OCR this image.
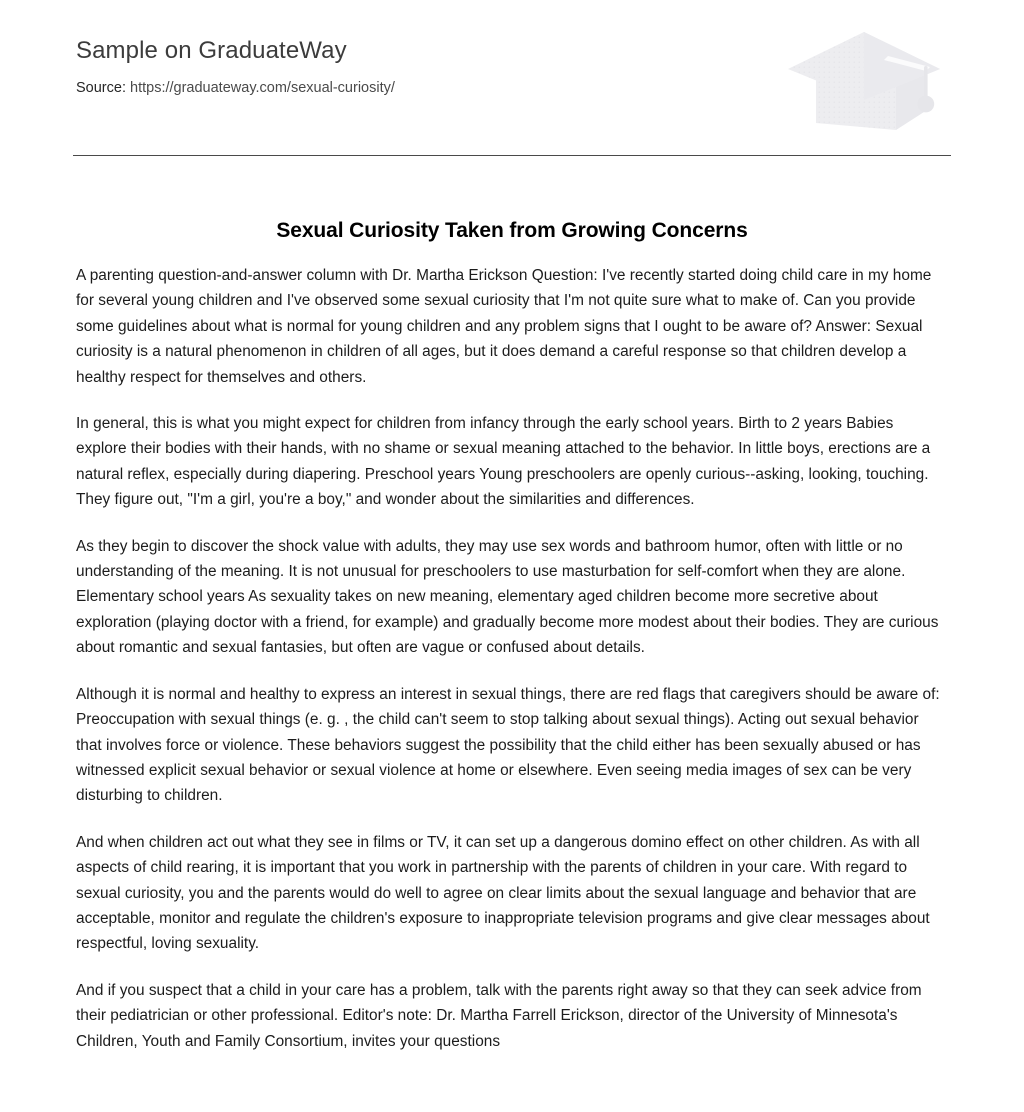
Sample on GraduateWay
Source: https://graduateway.com/sexual-curiosity/
Sexual Curiosity Taken from Growing Concerns

A parenting question-and-answer column with Dr. Martha Erickson Question: I've recently started doing child care in my home for several young children and I've observed some sexual curiosity that I'm not quite sure what to make of. Can you provide some guidelines about what is normal for young children and any problem signs that I ought to be aware of? Answer: Sexual curiosity is a natural phenomenon in children of all ages, but it does demand a careful response so that children develop a healthy respect for themselves and others.

In general, this is what you might expect for children from infancy through the early school years. Birth to 2 years Babies explore their bodies with their hands, with no shame or sexual meaning attached to the behavior. In little boys, erections are a natural reflex, especially during diapering. Preschool years Young preschoolers are openly curious--asking, looking, touching. They figure out, "I'm a girl, you're a boy," and wonder about the similarities and differences.

As they begin to discover the shock value with adults, they may use sex words and bathroom humor, often with little or no understanding of the meaning. It is not unusual for preschoolers to use masturbation for self-comfort when they are alone. Elementary school years As sexuality takes on new meaning, elementary aged children become more secretive about exploration (playing doctor with a friend, for example) and gradually become more modest about their bodies. They are curious about romantic and sexual fantasies, but often are vague or confused about details.

Although it is normal and healthy to express an interest in sexual things, there are red flags that caregivers should be aware of: Preoccupation with sexual things (e. g. , the child can't seem to stop talking about sexual things). Acting out sexual behavior that involves force or violence. These behaviors suggest the possibility that the child either has been sexually abused or has witnessed explicit sexual behavior or sexual violence at home or elsewhere. Even seeing media images of sex can be very disturbing to children.

And when children act out what they see in films or TV, it can set up a dangerous domino effect on other children. As with all aspects of child rearing, it is important that you work in partnership with the parents of children in your care. With regard to sexual curiosity, you and the parents would do well to agree on clear limits about the sexual language and behavior that are acceptable, monitor and regulate the children's exposure to inappropriate television programs and give clear messages about respectful, loving sexuality.

And if you suspect that a child in your care has a problem, talk with the parents right away so that they can seek advice from their pediatrician or other professional. Editor's note: Dr. Martha Farrell Erickson, director of the University of Minnesota's Children, Youth and Family Consortium, invites your questions
